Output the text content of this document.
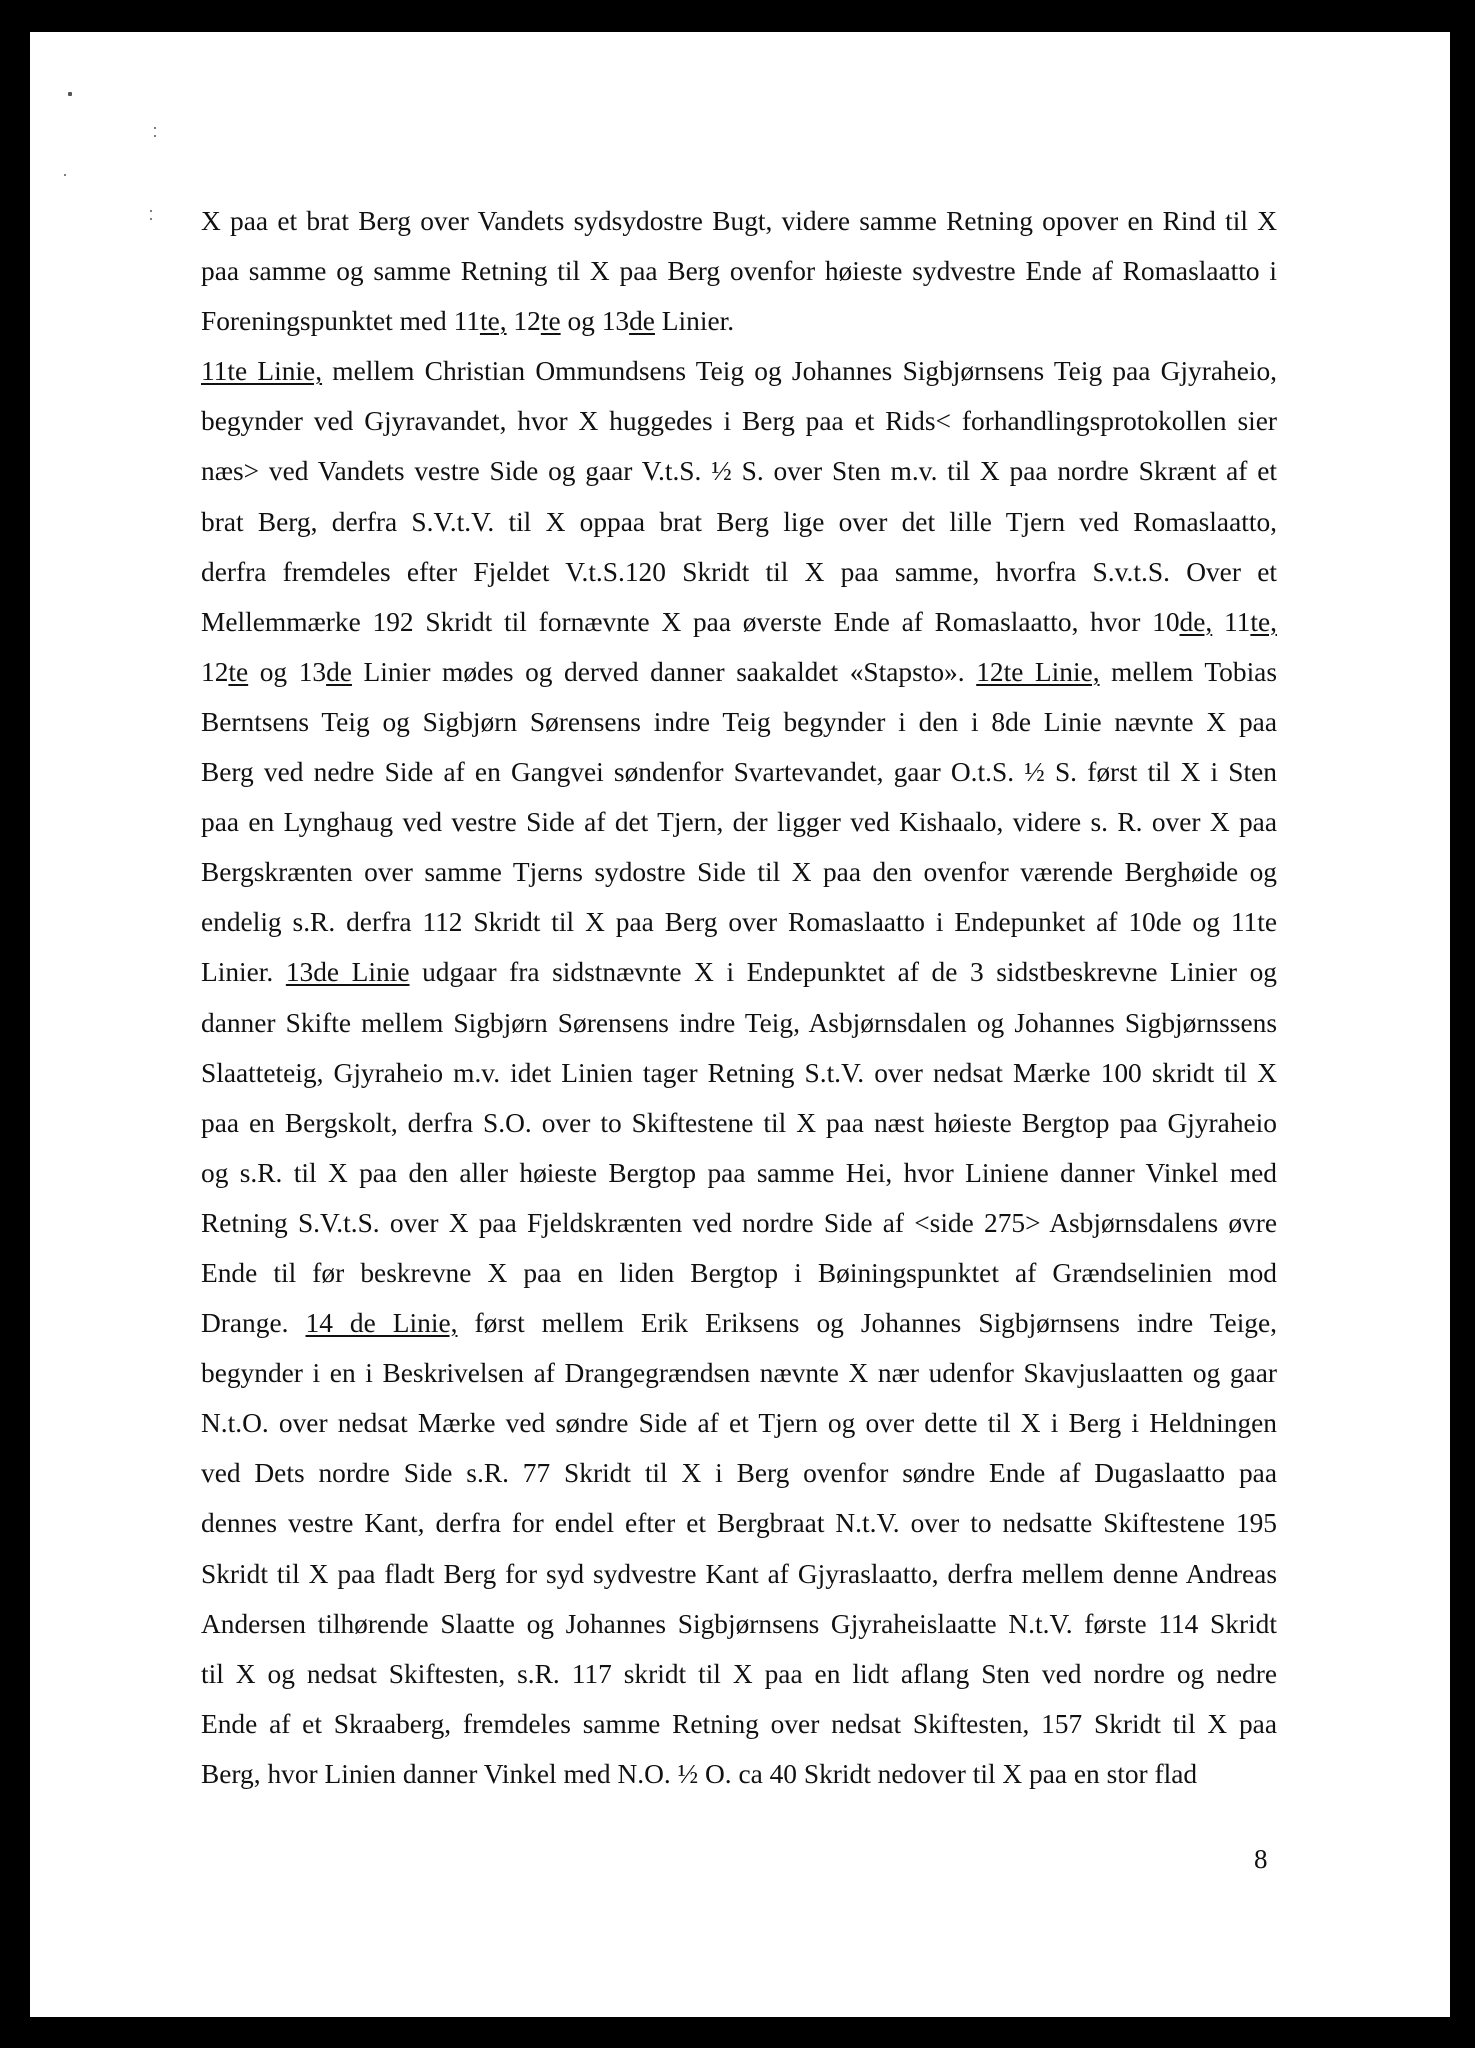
X paa et brat Berg over Vandets sydsydostre Bugt, videre samme Retning opover en Rind til X
paa samme og samme Retning til X paa Berg ovenfor høieste sydvestre Ende af Romaslaatto i
Foreningspunktet med 11te, 12te og 13de Linier.
11te Linie, mellem Christian Ommundsens Teig og Johannes Sigbjørnsens Teig paa Gjyraheio,
begynder ved Gjyravandet, hvor X huggedes i Berg paa et Rids< forhandlingsprotokollen sier
næs> ved Vandets vestre Side og gaar V.t.S. ½ S. over Sten m.v. til X paa nordre Skrænt af et
brat Berg, derfra S.V.t.V. til X oppaa brat Berg lige over det lille Tjern ved Romaslaatto,
derfra fremdeles efter Fjeldet V.t.S.120 Skridt til X paa samme, hvorfra S.v.t.S. Over et
Mellemmærke 192 Skridt til fornævnte X paa øverste Ende af Romaslaatto, hvor 10de, 11te,
12te og 13de Linier mødes og derved danner saakaldet «Stapsto». 12te Linie, mellem Tobias
Berntsens Teig og Sigbjørn Sørensens indre Teig begynder i den i 8de Linie nævnte X paa
Berg ved nedre Side af en Gangvei søndenfor Svartevandet, gaar O.t.S. ½ S. først til X i Sten
paa en Lynghaug ved vestre Side af det Tjern, der ligger ved Kishaalo, videre s. R. over X paa
Bergskrænten over samme Tjerns sydostre Side til X paa den ovenfor værende Berghøide og
endelig s.R. derfra 112 Skridt til X paa Berg over Romaslaatto i Endepunket af 10de og 11te
Linier. 13de Linie udgaar fra sidstnævnte X i Endepunktet af de 3 sidstbeskrevne Linier og
danner Skifte mellem Sigbjørn Sørensens indre Teig, Asbjørnsdalen og Johannes Sigbjørnssens
Slaatteteig, Gjyraheio m.v. idet Linien tager Retning S.t.V. over nedsat Mærke 100 skridt til X
paa en Bergskolt, derfra S.O. over to Skiftestene til X paa næst høieste Bergtop paa Gjyraheio
og s.R. til X paa den aller høieste Bergtop paa samme Hei, hvor Liniene danner Vinkel med
Retning S.V.t.S. over X paa Fjeldskrænten ved nordre Side af <side 275> Asbjørnsdalens øvre
Ende til før beskrevne X paa en liden Bergtop i Bøiningspunktet af Grændselinien mod
Drange. 14 de Linie, først mellem Erik Eriksens og Johannes Sigbjørnsens indre Teige,
begynder i en i Beskrivelsen af Drangegrændsen nævnte X nær udenfor Skavjuslaatten og gaar
N.t.O. over nedsat Mærke ved søndre Side af et Tjern og over dette til X i Berg i Heldningen
ved Dets nordre Side s.R. 77 Skridt til X i Berg ovenfor søndre Ende af Dugaslaatto paa
dennes vestre Kant, derfra for endel efter et Bergbraat N.t.V. over to nedsatte Skiftestene 195
Skridt til X paa fladt Berg for syd sydvestre Kant af Gjyraslaatto, derfra mellem denne Andreas
Andersen tilhørende Slaatte og Johannes Sigbjørnsens Gjyraheislaatte N.t.V. første 114 Skridt
til X og nedsat Skiftesten, s.R. 117 skridt til X paa en lidt aflang Sten ved nordre og nedre
Ende af et Skraaberg, fremdeles samme Retning over nedsat Skiftesten, 157 Skridt til X paa
Berg, hvor Linien danner Vinkel med N.O. ½ O. ca 40 Skridt nedover til X paa en stor flad
8
